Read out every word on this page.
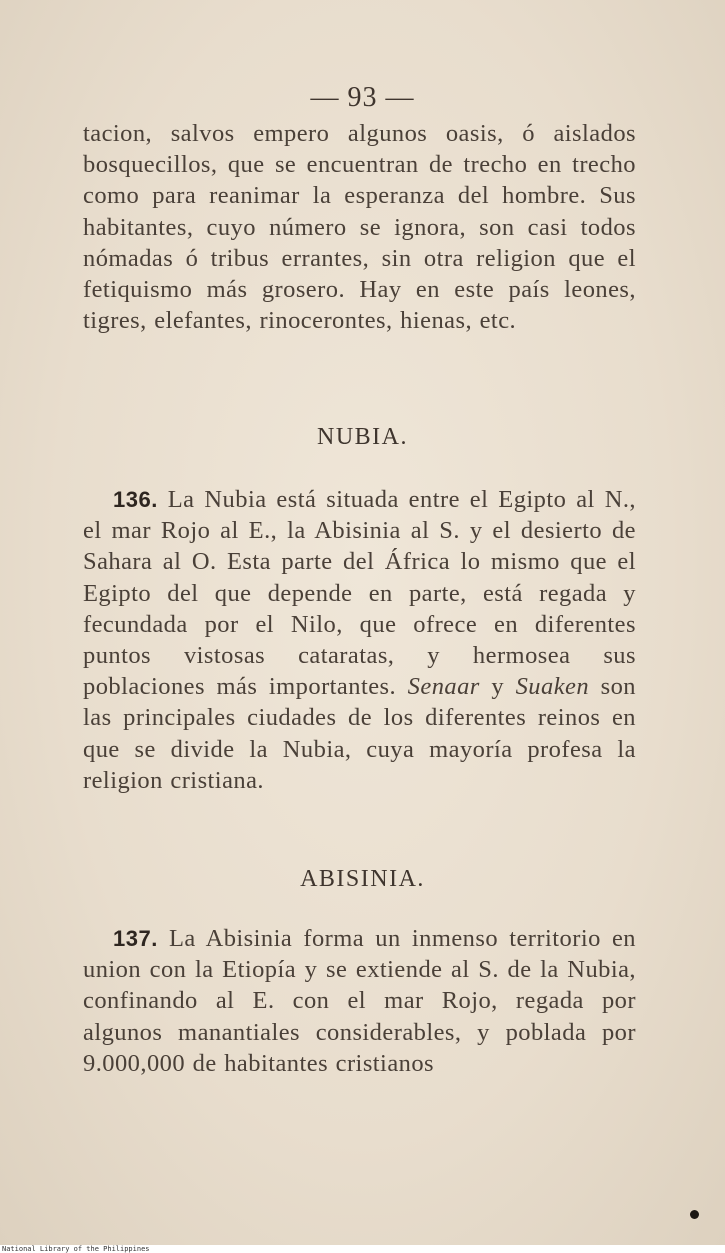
— 93 —

tacion, salvos empero algunos oasis, ó aislados bosquecillos, que se encuentran de trecho en trecho como para reanimar la esperanza del hombre. Sus habitantes, cuyo número se ignora, son casi todos nómadas ó tribus errantes, sin otra religion que el fetiquismo más grosero. Hay en este país leones, tigres, elefantes, rinocerontes, hienas, etc.

NUBIA.

136. La Nubia está situada entre el Egipto al N., el mar Rojo al E., la Abisinia al S. y el desierto de Sahara al O. Esta parte del África lo mismo que el Egipto del que depende en parte, está regada y fecundada por el Nilo, que ofrece en diferentes puntos vistosas cataratas, y hermosea sus poblaciones más importantes. Senaar y Suaken son las principales ciudades de los diferentes reinos en que se divide la Nubia, cuya mayoría profesa la religion cristiana.

ABISINIA.

137. La Abisinia forma un inmenso territorio en union con la Etiopía y se extiende al S. de la Nubia, confinando al E. con el mar Rojo, regada por algunos manantiales considerables, y poblada por 9.000,000 de habitantes cristianos

National Library of the Philippines
